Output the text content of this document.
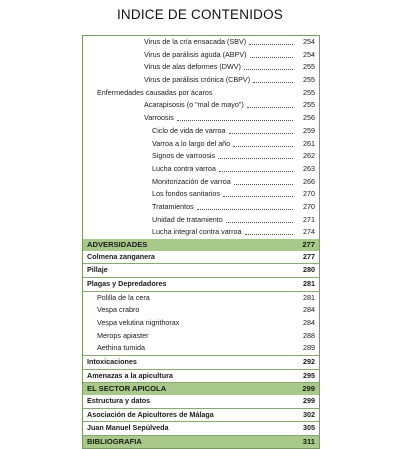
INDICE DE CONTENIDOS
Virus de la cría ensacada (SBV)	254
Virus de parálisis aguda (ABPV)	254
Virus de alas deformes (DWV)	255
Virus de parálisis crónica (CBPV)	255
Enfermedades causadas por ácaros	255
Acarapisosis (o "mal de mayo")	255
Varroosis	256
Ciclo de vida de varroa	259
Varroa a lo largo del año	261
Signos de varroosis	262
Lucha contra varroa	263
Monitorización de varroa	266
Los fondos sanitarios	270
Tratamientos	270
Unidad de tratamiento	271
Lucha integral contra varroa	274
ADVERSIDADES	277
Colmena zanganera	277
Pillaje	280
Plagas y Depredadores	281
Polilla de la cera	281
Vespa crabro	284
Vespa velutina nigrithorax	284
Merops apiaster	288
Aethina tumida	289
Intoxicaciones	292
Amenazas a la apicultura	295
EL SECTOR APICOLA	299
Estructura y datos	299
Asociación de Apicultores de Málaga	302
Juan Manuel Sepúlveda	305
BIBLIOGRAFIA	311
